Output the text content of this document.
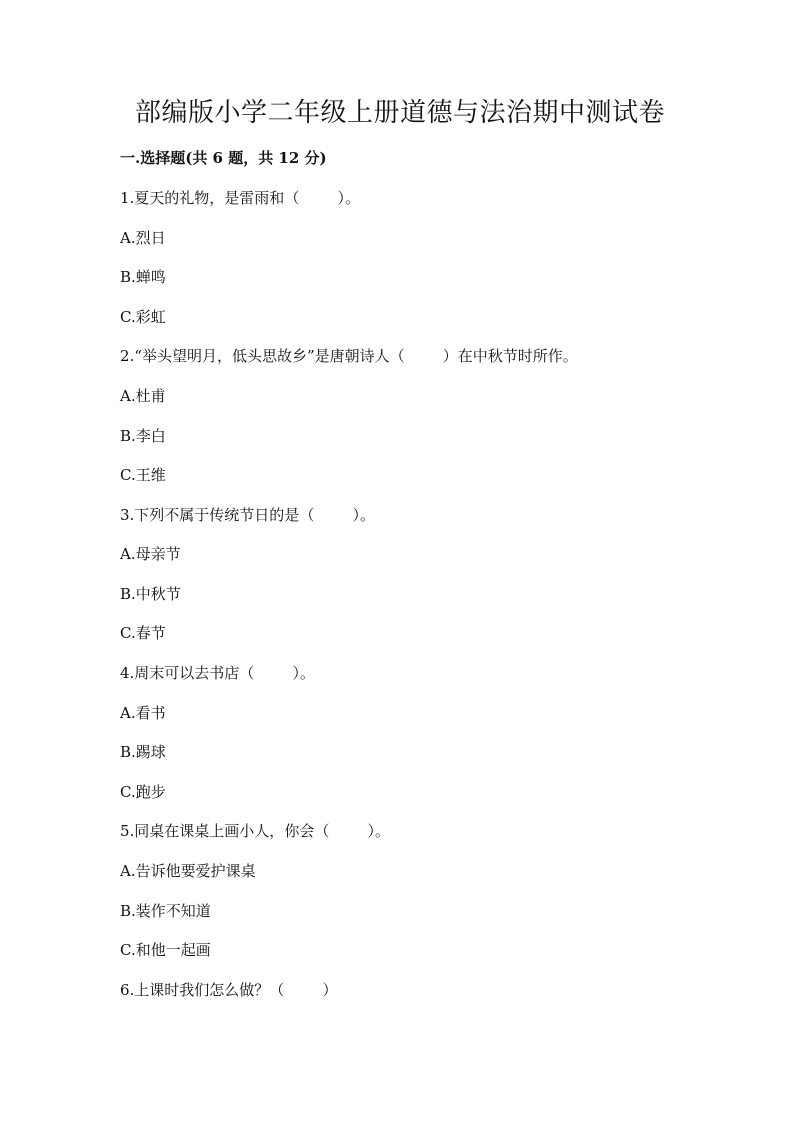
部编版小学二年级上册道德与法治期中测试卷

一.选择题(共 6 题，共 12 分)

1.夏天的礼物，是雷雨和（        ）。

A.烈日

B.蝉鸣

C.彩虹

2.“举头望明月，低头思故乡”是唐朝诗人（        ）在中秋节时所作。

A.杜甫

B.李白

C.王维

3.下列不属于传统节日的是（        ）。

A.母亲节

B.中秋节

C.春节

4.周末可以去书店（        ）。

A.看书

B.踢球

C.跑步

5.同桌在课桌上画小人，你会（        ）。

A.告诉他要爱护课桌

B.装作不知道

C.和他一起画

6.上课时我们怎么做？（        ）
